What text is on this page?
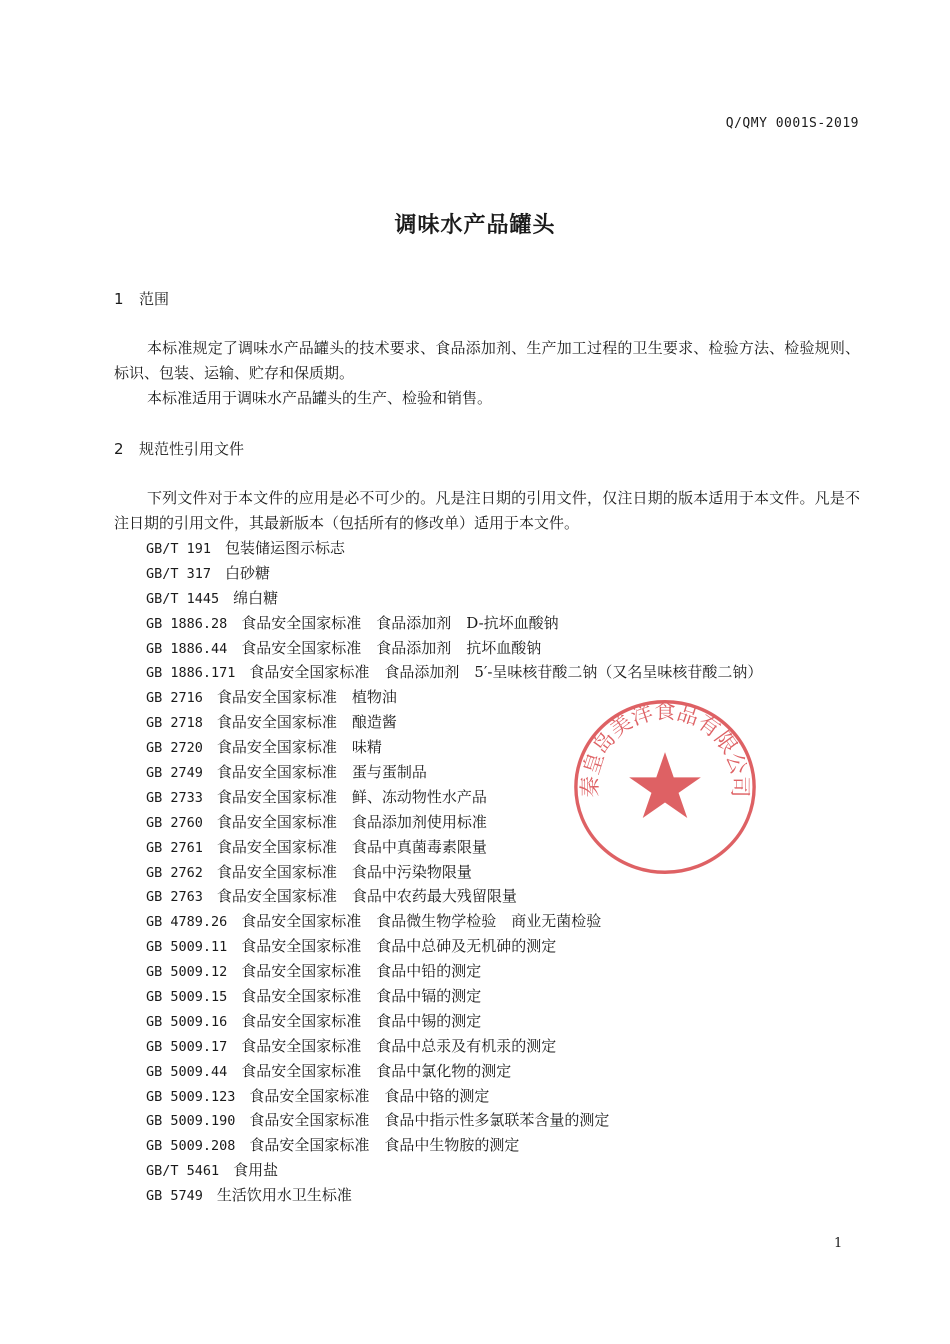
Q/QMY 0001S-2019
调味水产品罐头
1 范围
本标准规定了调味水产品罐头的技术要求、食品添加剂、生产加工过程的卫生要求、检验方法、检验规则、标识、包装、运输、贮存和保质期。
本标准适用于调味水产品罐头的生产、检验和销售。
2 规范性引用文件
下列文件对于本文件的应用是必不可少的。凡是注日期的引用文件，仅注日期的版本适用于本文件。凡是不注日期的引用文件，其最新版本（包括所有的修改单）适用于本文件。
GB/T 191 包装储运图示标志
GB/T 317 白砂糖
GB/T 1445 绵白糖
GB 1886.28 食品安全国家标准　食品添加剂　D-抗坏血酸钠
GB 1886.44 食品安全国家标准　食品添加剂　抗坏血酸钠
GB 1886.171 食品安全国家标准　食品添加剂　5′-呈味核苷酸二钠（又名呈味核苷酸二钠）
GB 2716 食品安全国家标准　植物油
GB 2718 食品安全国家标准　酿造酱
GB 2720 食品安全国家标准　味精
GB 2749 食品安全国家标准　蛋与蛋制品
GB 2733 食品安全国家标准　鲜、冻动物性水产品
GB 2760 食品安全国家标准　食品添加剂使用标准
GB 2761 食品安全国家标准　食品中真菌毒素限量
GB 2762 食品安全国家标准　食品中污染物限量
GB 2763 食品安全国家标准　食品中农药最大残留限量
GB 4789.26 食品安全国家标准　食品微生物学检验　商业无菌检验
GB 5009.11 食品安全国家标准　食品中总砷及无机砷的测定
GB 5009.12 食品安全国家标准　食品中铅的测定
GB 5009.15 食品安全国家标准　食品中镉的测定
GB 5009.16 食品安全国家标准　食品中锡的测定
GB 5009.17 食品安全国家标准　食品中总汞及有机汞的测定
GB 5009.44 食品安全国家标准　食品中氯化物的测定
GB 5009.123 食品安全国家标准　食品中铬的测定
GB 5009.190 食品安全国家标准　食品中指示性多氯联苯含量的测定
GB 5009.208 食品安全国家标准　食品中生物胺的测定
GB/T 5461 食用盐
GB 5749 生活饮用水卫生标准
秦皇岛美洋食品有限公司
1
